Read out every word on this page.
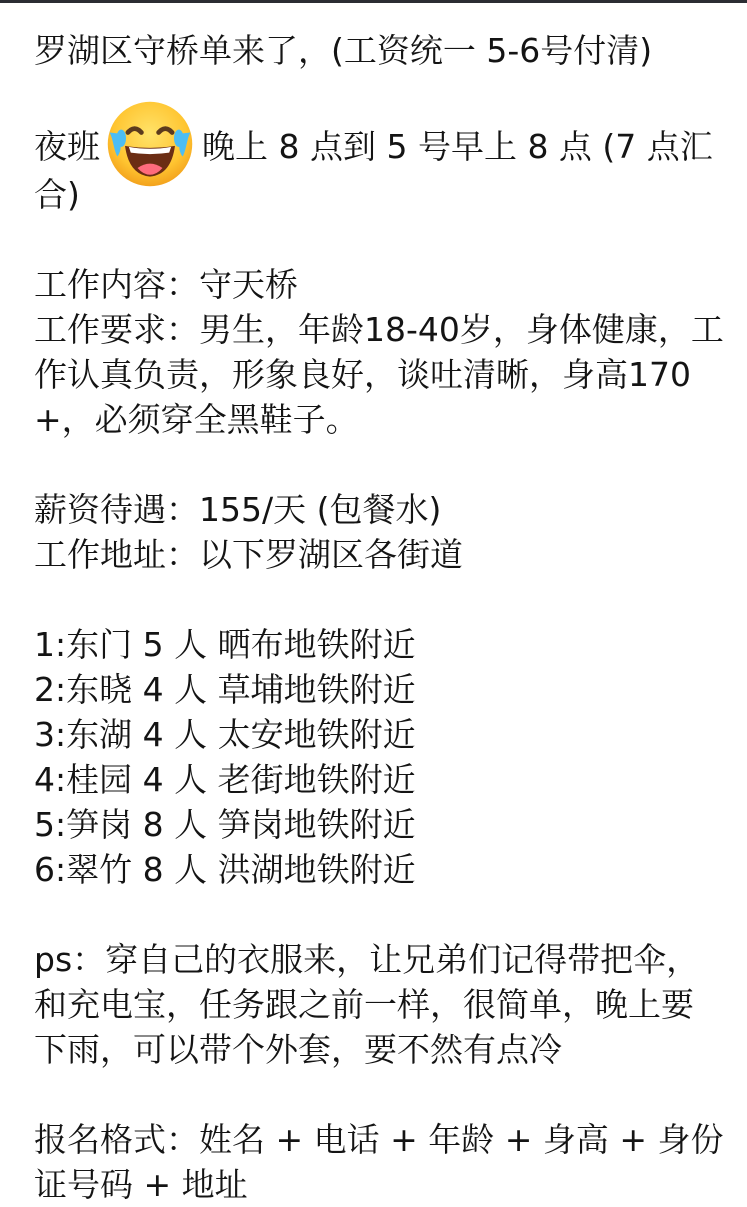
罗湖区守桥单来了，(工资统一 5-6号付清)
夜班	晚上 8 点到 5 号早上 8 点 (7 点汇合)
工作内容：守天桥
工作要求：男生，年龄18-40岁，身体健康，工作认真负责，形象良好，谈吐清晰，身高170+，必须穿全黑鞋子。
薪资待遇：155/天 (包餐水)
工作地址：以下罗湖区各街道
1:东门 5 人 晒布地铁附近
2:东晓 4 人 草埔地铁附近
3:东湖 4 人 太安地铁附近
4:桂园 4 人 老街地铁附近
5:笋岗 8 人 笋岗地铁附近
6:翠竹 8 人 洪湖地铁附近
ps：穿自己的衣服来，让兄弟们记得带把伞，和充电宝，任务跟之前一样，很简单，晚上要下雨，可以带个外套，要不然有点冷
报名格式：姓名 + 电话 + 年龄 + 身高 + 身份证号码 + 地址
